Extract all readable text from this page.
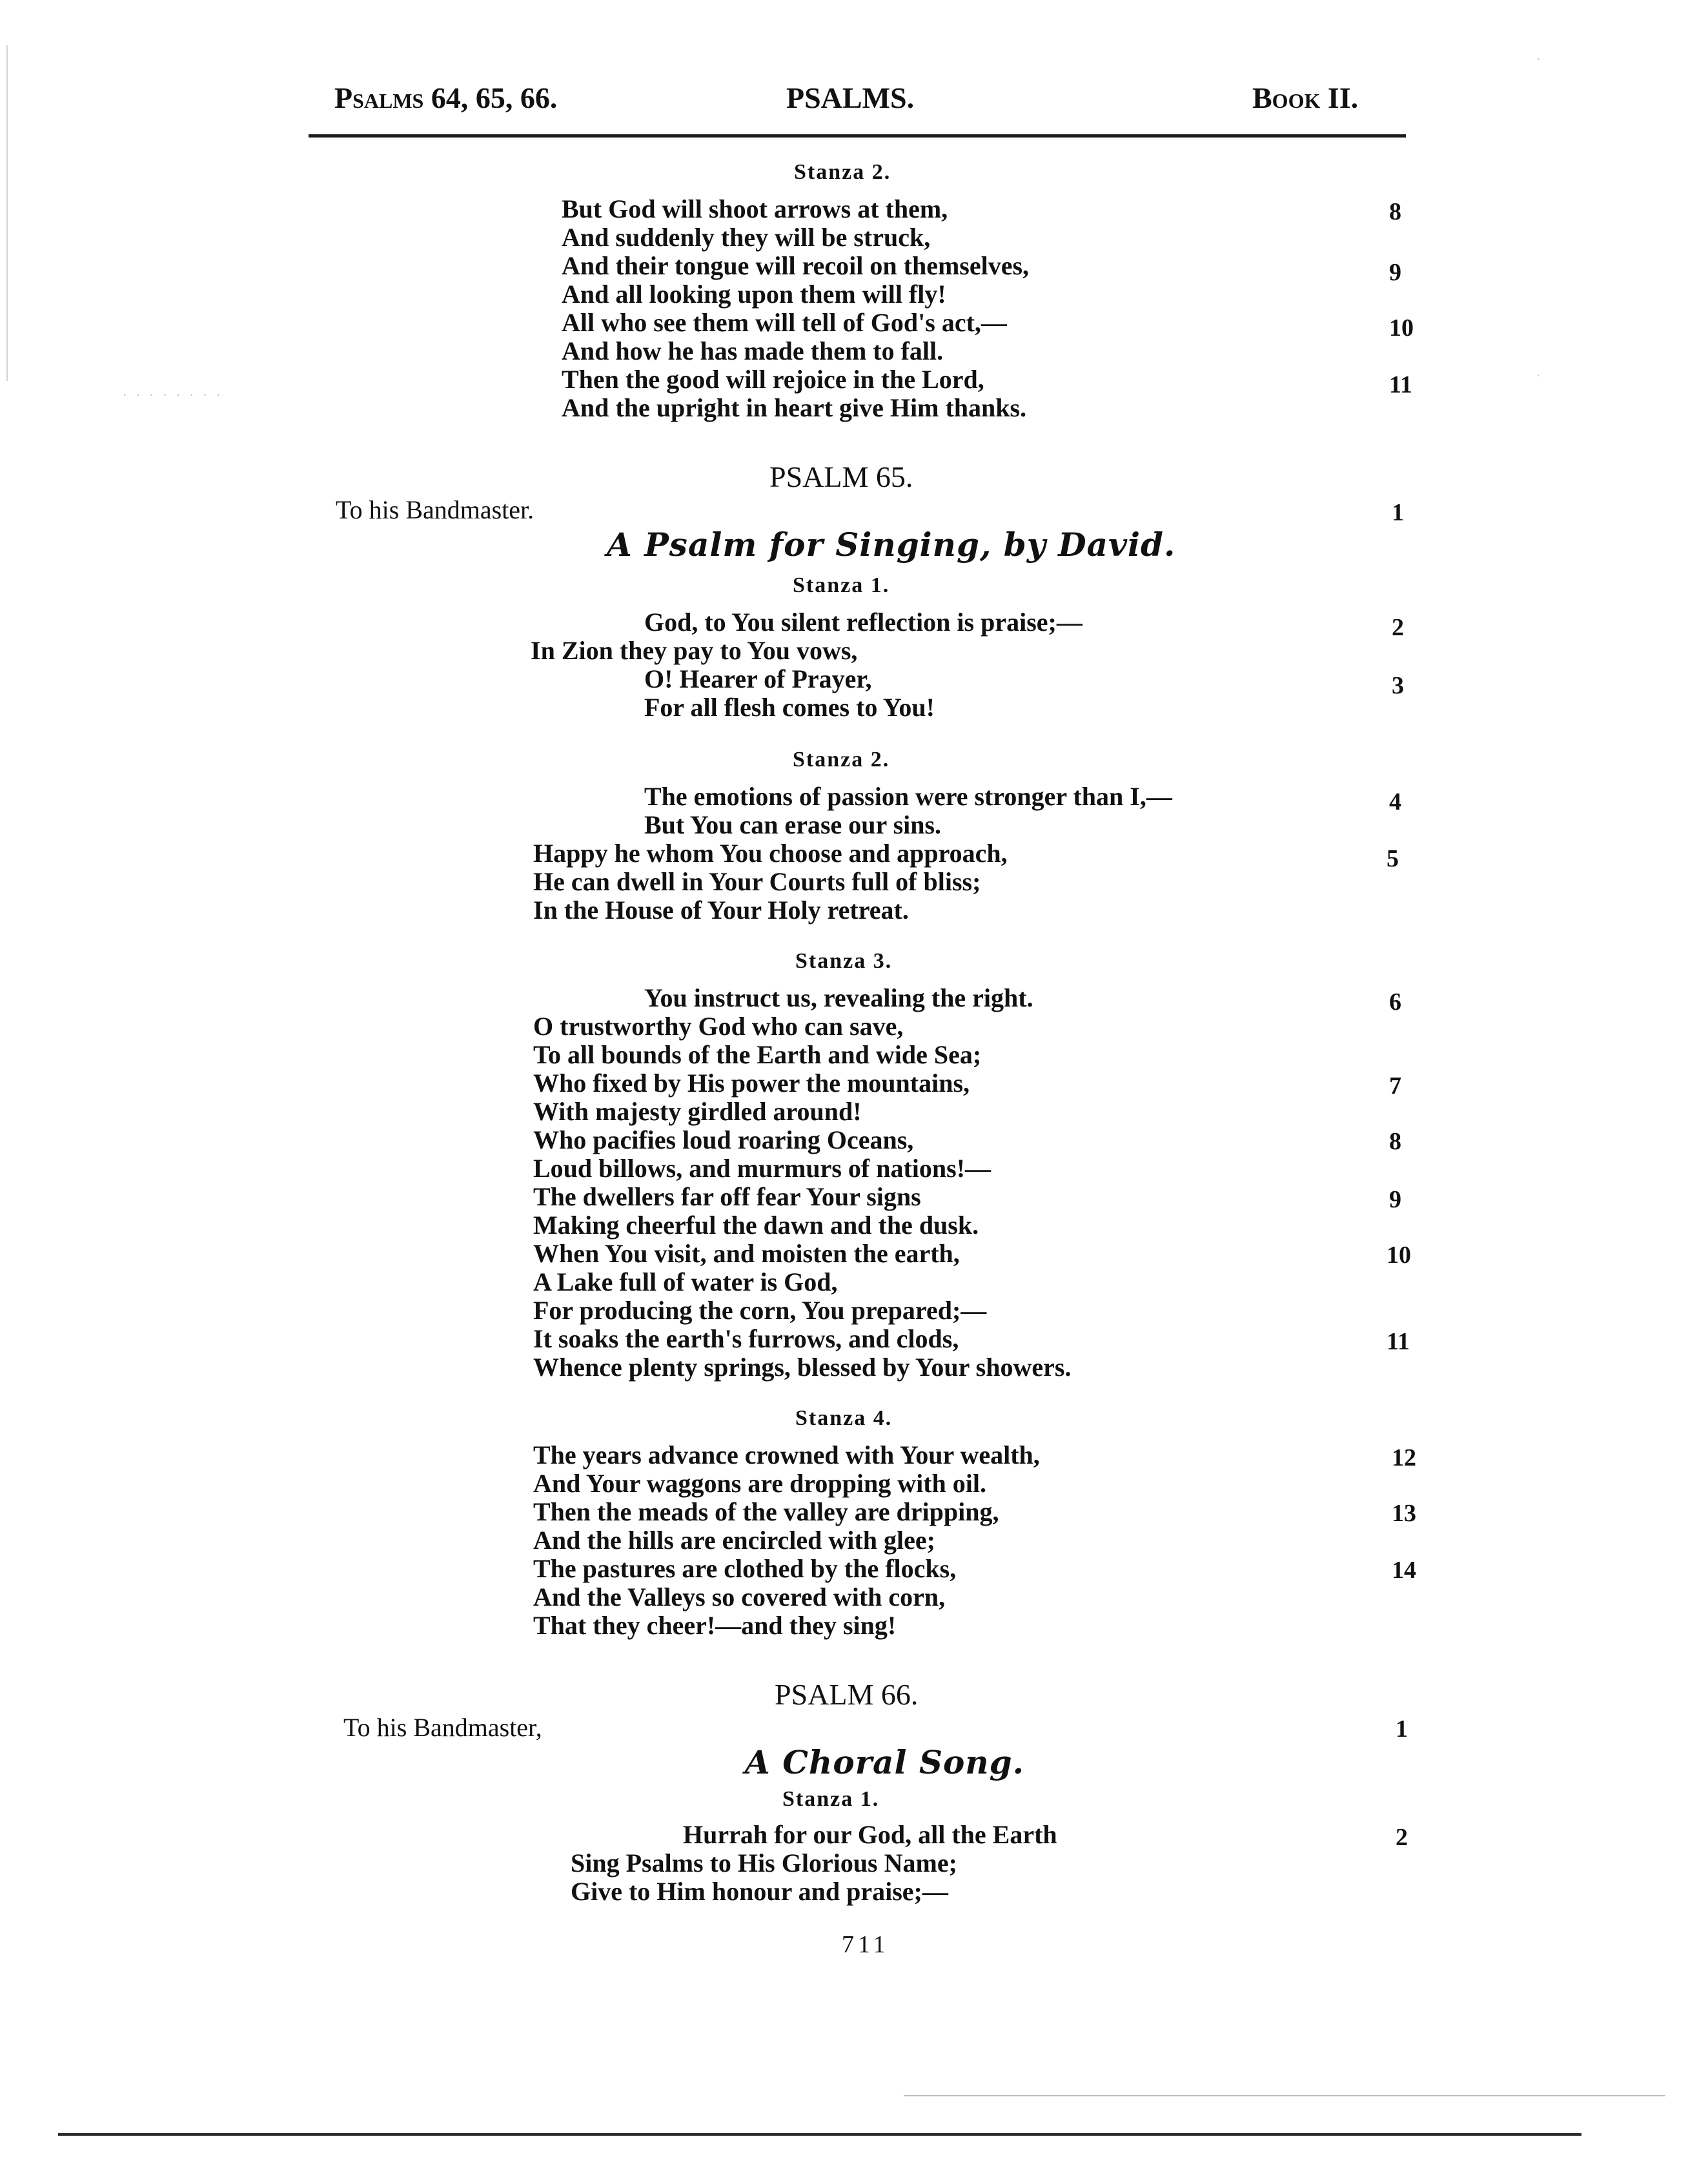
· · · · · · · ·
·
·
Psalms 64, 65, 66.	PSALMS.	Book II.
Stanza 2.
But God will shoot arrows at them,	8
And suddenly they will be struck,
And their tongue will recoil on themselves,	9
And all looking upon them will fly!
All who see them will tell of God's act,—	10
And how he has made them to fall.
Then the good will rejoice in the Lord,	11
And the upright in heart give Him thanks.
PSALM 65.
To his Bandmaster.	1
A Psalm for Singing, by David.
Stanza 1.
God, to You silent reflection is praise;—	2
In Zion they pay to You vows,
O! Hearer of Prayer,	3
For all flesh comes to You!
Stanza 2.
The emotions of passion were stronger than I,—	4
But You can erase our sins.
Happy he whom You choose and approach,	5
He can dwell in Your Courts full of bliss;
In the House of Your Holy retreat.
Stanza 3.
You instruct us, revealing the right.	6
O trustworthy God who can save,
To all bounds of the Earth and wide Sea;
Who fixed by His power the mountains,	7
With majesty girdled around!
Who pacifies loud roaring Oceans,	8
Loud billows, and murmurs of nations!—
The dwellers far off fear Your signs	9
Making cheerful the dawn and the dusk.
When You visit, and moisten the earth,	10
A Lake full of water is God,
For producing the corn, You prepared;—
It soaks the earth's furrows, and clods,	11
Whence plenty springs, blessed by Your showers.
Stanza 4.
The years advance crowned with Your wealth,	12
And Your waggons are dropping with oil.
Then the meads of the valley are dripping,	13
And the hills are encircled with glee;
The pastures are clothed by the flocks,	14
And the Valleys so covered with corn,
That they cheer!—and they sing!
PSALM 66.
To his Bandmaster,	1
A Choral Song.
Stanza 1.
Hurrah for our God, all the Earth	2
Sing Psalms to His Glorious Name;
Give to Him honour and praise;—
711
